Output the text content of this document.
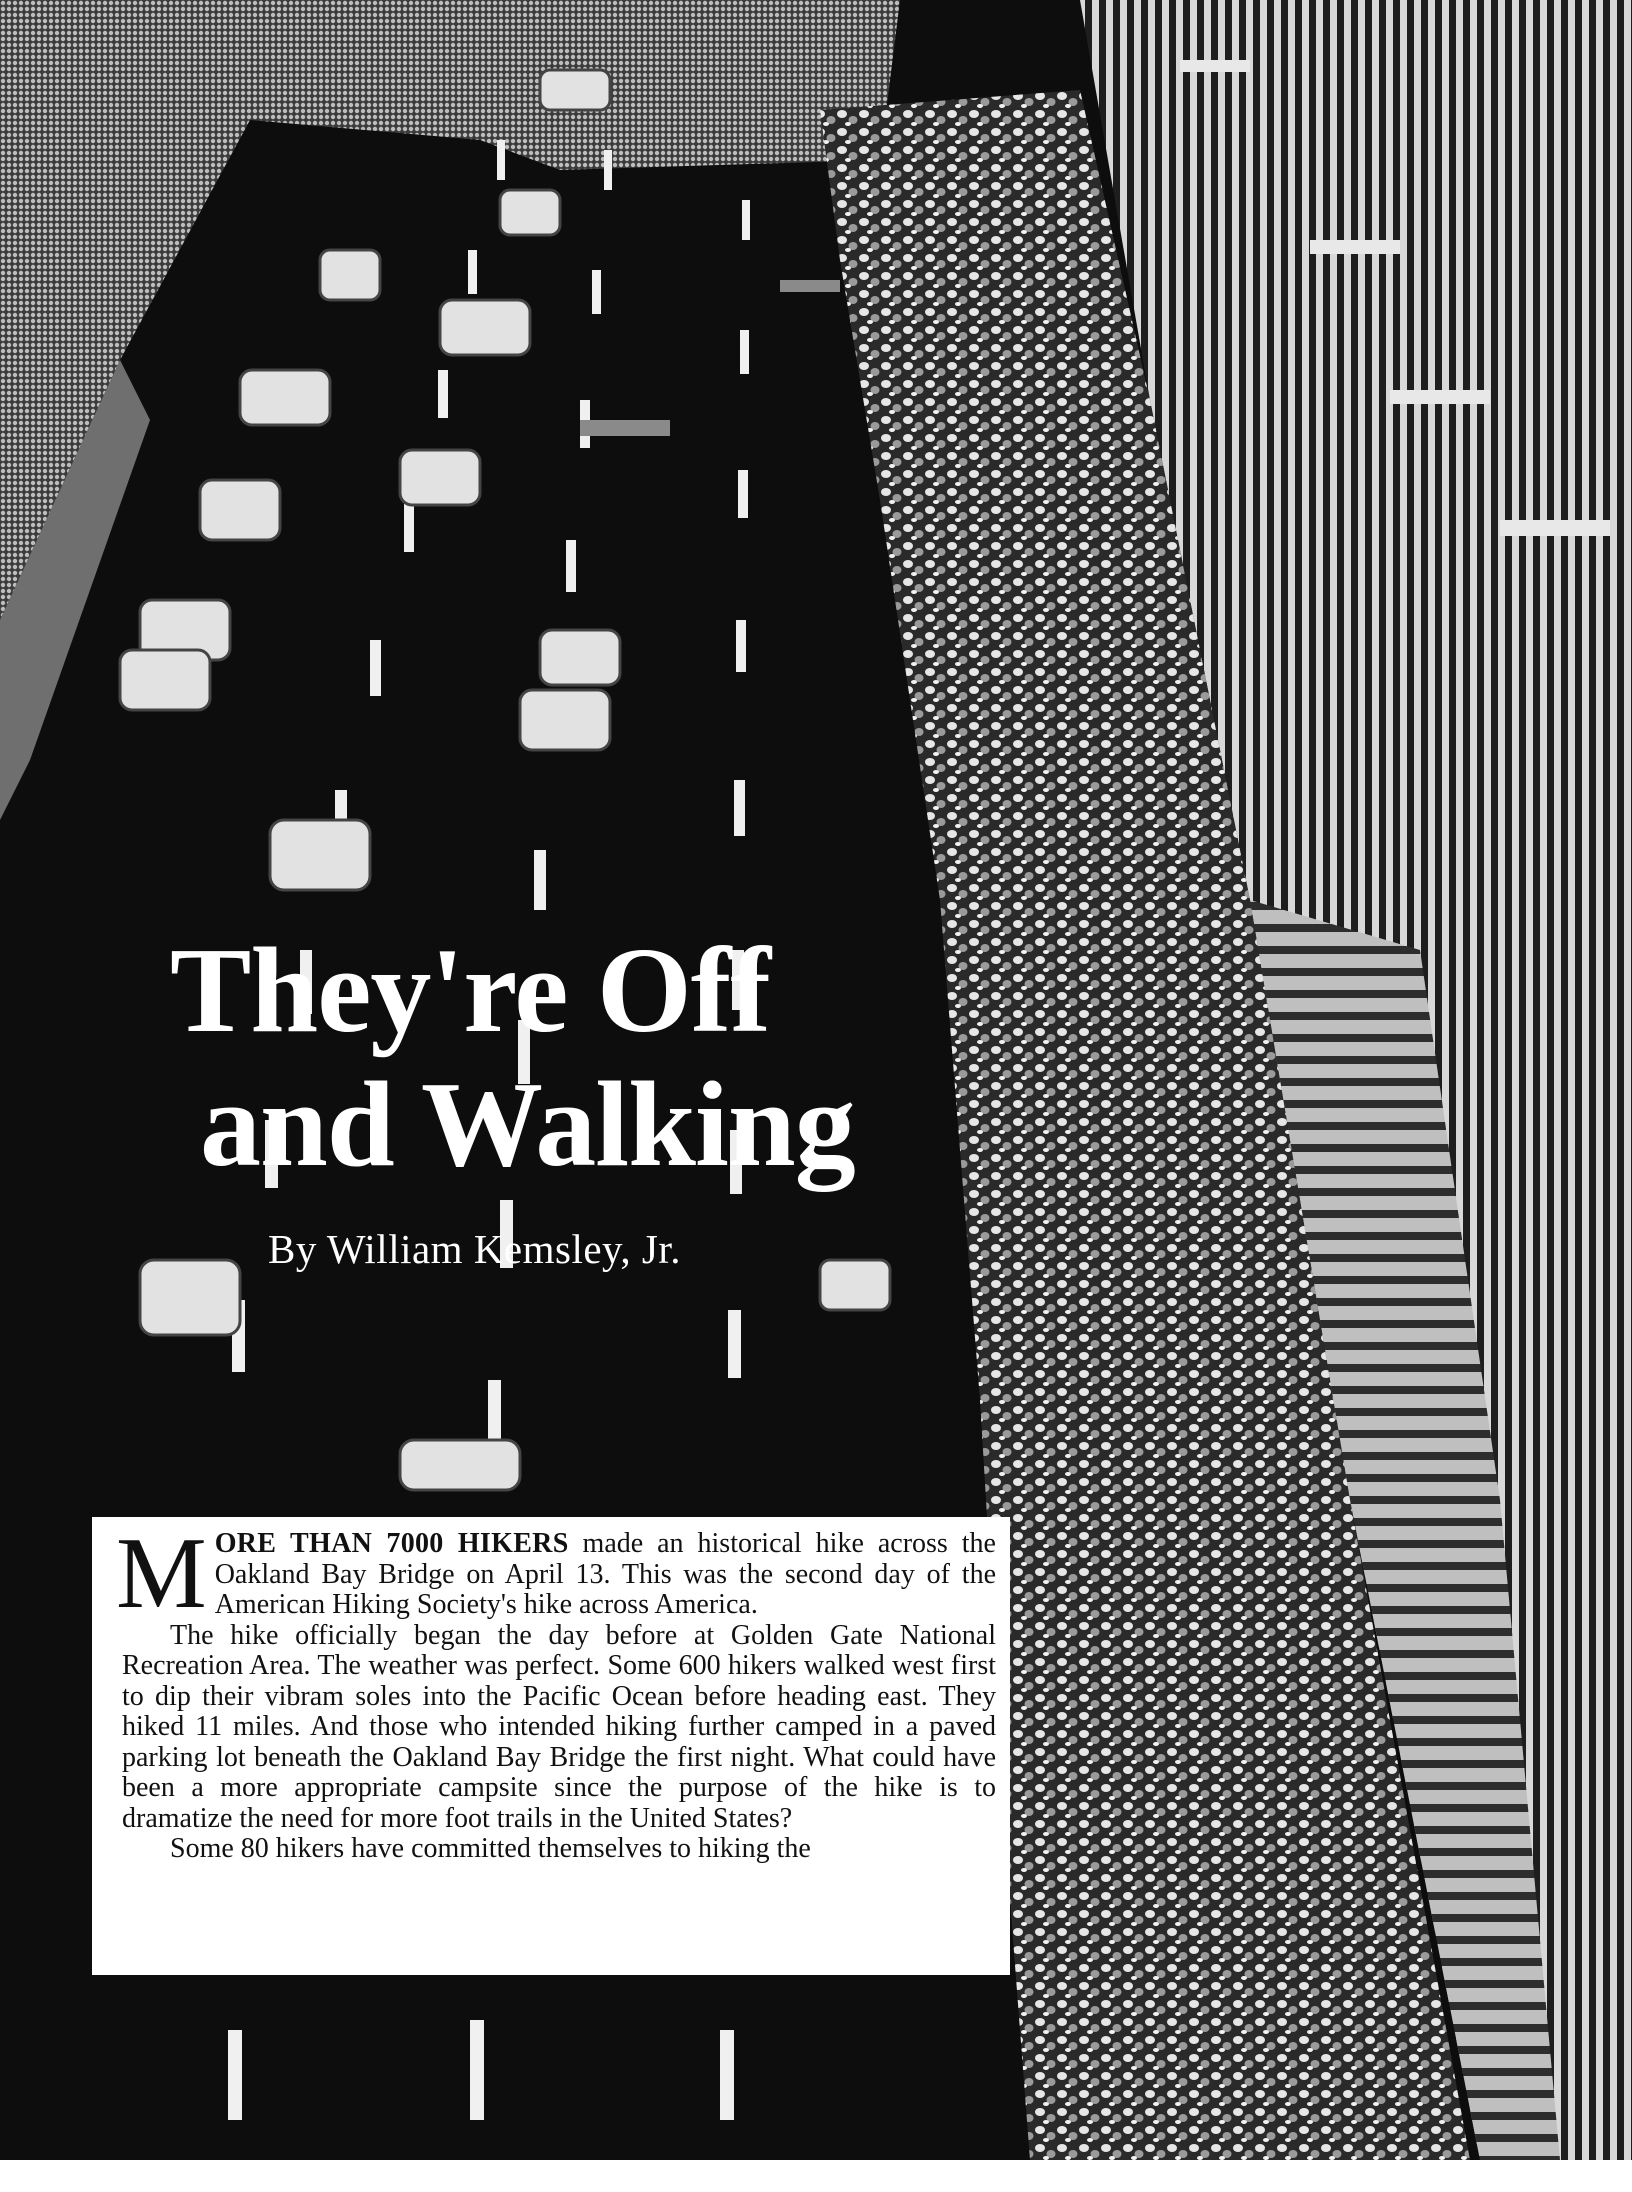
They're Off
and Walking
By William Kemsley, Jr.

MORE THAN 7000 HIKERS made an historical hike across the Oakland Bay Bridge on April 13. This was the second day of the American Hiking Society's hike across America.

The hike officially began the day before at Golden Gate National Recreation Area. The weather was perfect. Some 600 hikers walked west first to dip their vibram soles into the Pacific Ocean before heading east. They hiked 11 miles. And those who intended hiking further camped in a paved parking lot beneath the Oakland Bay Bridge the first night. What could have been a more appropriate campsite since the purpose of the hike is to dramatize the need for more foot trails in the United States?

Some 80 hikers have committed themselves to hiking the
